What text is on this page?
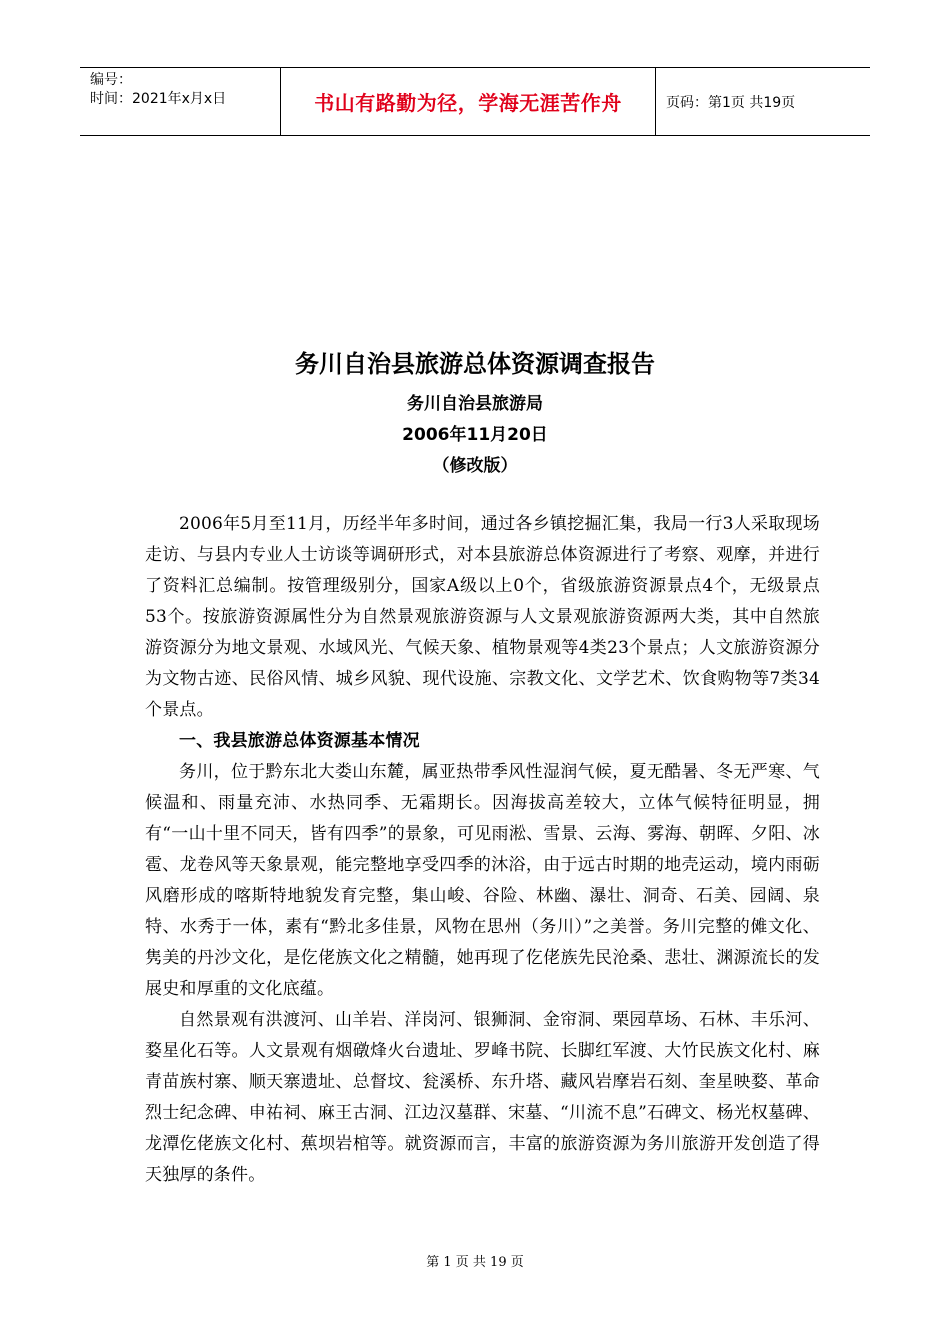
编号：
时间：2021年x月x日	书山有路勤为径，学海无涯苦作舟	页码：第1页 共19页
务川自治县旅游总体资源调查报告
务川自治县旅游局
2006年11月20日
（修改版）

2006年5月至11月，历经半年多时间，通过各乡镇挖掘汇集，我局一行3人采取现场走访、与县内专业人士访谈等调研形式，对本县旅游总体资源进行了考察、观摩，并进行了资料汇总编制。按管理级别分，国家A级以上0个，省级旅游资源景点4个，无级景点53个。按旅游资源属性分为自然景观旅游资源与人文景观旅游资源两大类，其中自然旅游资源分为地文景观、水域风光、气候天象、植物景观等4类23个景点；人文旅游资源分为文物古迹、民俗风情、城乡风貌、现代设施、宗教文化、文学艺术、饮食购物等7类34个景点。

一、我县旅游总体资源基本情况

务川，位于黔东北大娄山东麓，属亚热带季风性湿润气候，夏无酷暑、冬无严寒、气候温和、雨量充沛、水热同季、无霜期长。因海拔高差较大，立体气候特征明显，拥有“一山十里不同天，皆有四季”的景象，可见雨淞、雪景、云海、雾海、朝晖、夕阳、冰雹、龙卷风等天象景观，能完整地享受四季的沐浴，由于远古时期的地壳运动，境内雨砺风磨形成的喀斯特地貌发育完整，集山峻、谷险、林幽、瀑壮、洞奇、石美、园阔、泉特、水秀于一体，素有“黔北多佳景，风物在思州（务川）”之美誉。务川完整的傩文化、隽美的丹沙文化，是仡佬族文化之精髓，她再现了仡佬族先民沧桑、悲壮、渊源流长的发展史和厚重的文化底蕴。

自然景观有洪渡河、山羊岩、洋岗河、银狮洞、金帘洞、栗园草场、石林、丰乐河、婺星化石等。人文景观有烟礅烽火台遗址、罗峰书院、长脚红军渡、大竹民族文化村、麻青苗族村寨、顺天寨遗址、总督坟、瓮溪桥、东升塔、藏风岩摩岩石刻、奎星映婺、革命烈士纪念碑、申祐祠、麻王古洞、江边汉墓群、宋墓、“川流不息”石碑文、杨光权墓碑、龙潭仡佬族文化村、蕉坝岩棺等。就资源而言，丰富的旅游资源为务川旅游开发创造了得天独厚的条件。

第 1 页 共 19 页
